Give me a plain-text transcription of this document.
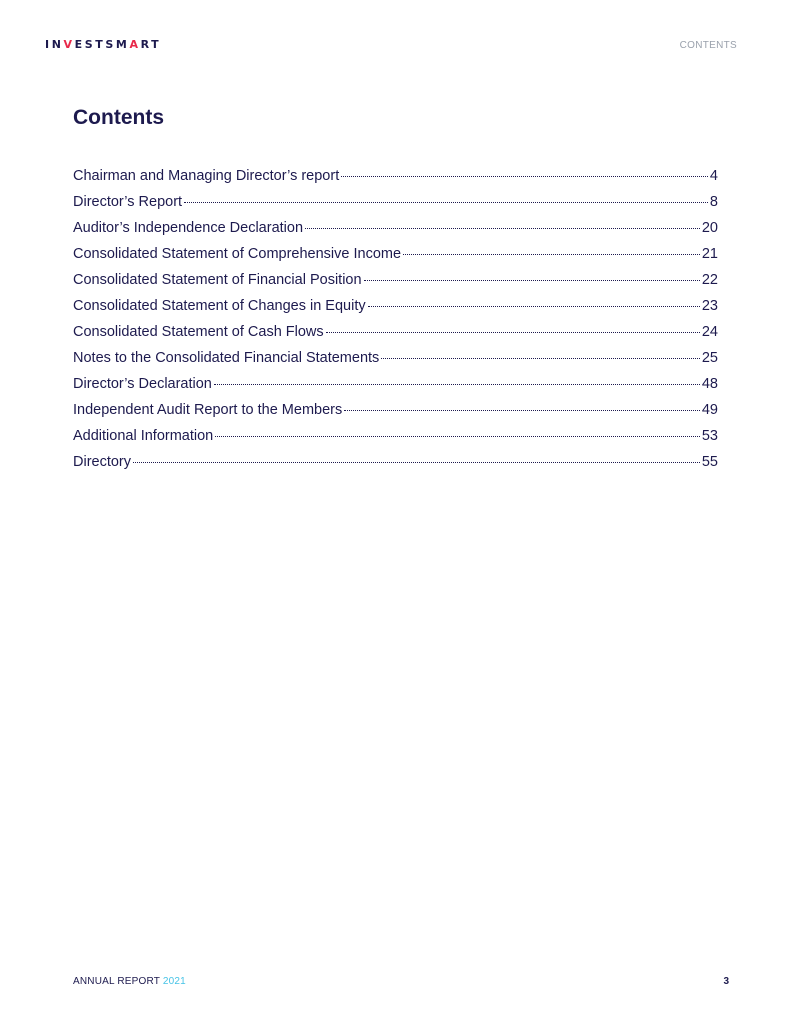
INVESTSMART	CONTENTS
Contents
Chairman and Managing Director’s report	4
Director’s Report	8
Auditor’s Independence Declaration	20
Consolidated Statement of Comprehensive Income	21
Consolidated Statement of Financial Position	22
Consolidated Statement of Changes in Equity	23
Consolidated Statement of Cash Flows	24
Notes to the Consolidated Financial Statements	25
Director’s Declaration	48
Independent Audit Report to the Members	49
Additional Information	53
Directory	55
ANNUAL REPORT 2021	3
